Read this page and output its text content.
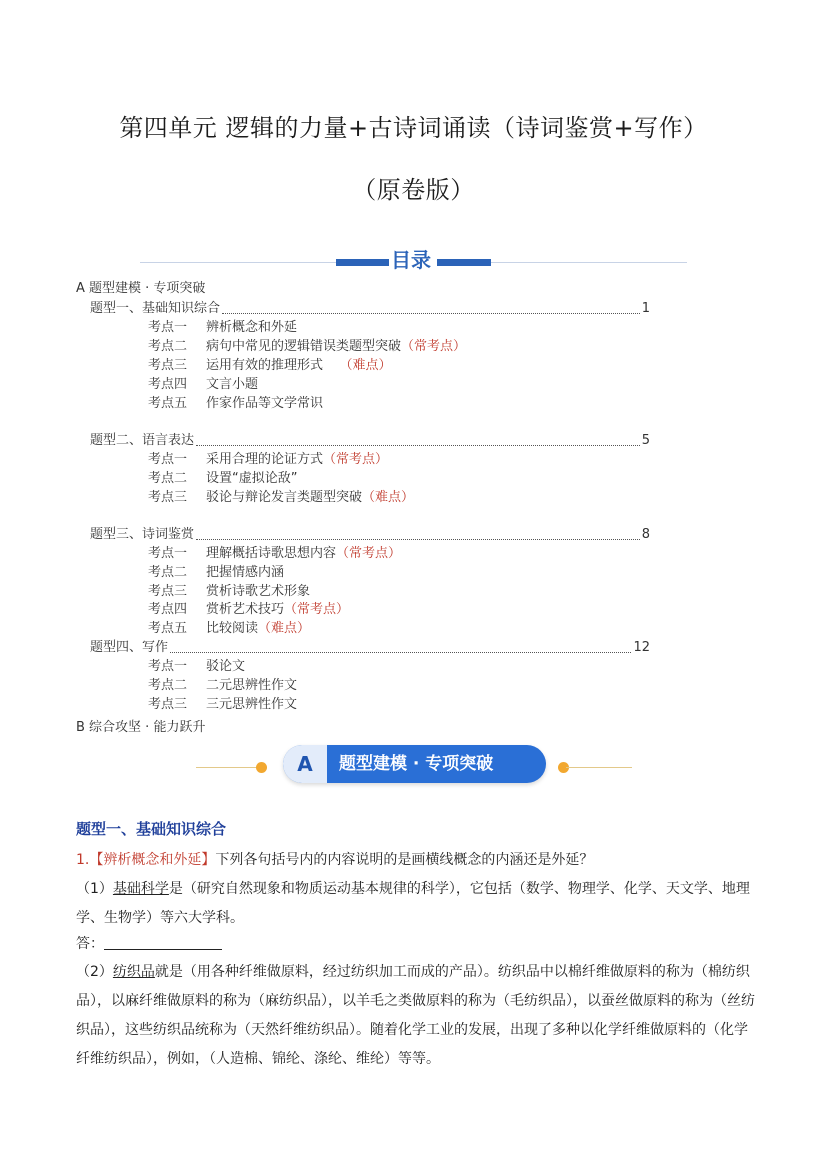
第四单元 逻辑的力量+古诗词诵读（诗词鉴赏+写作）
（原卷版）
目录
A 题型建模 · 专项突破
题型一、基础知识综合	1
考点一 辨析概念和外延
考点二 病句中常见的逻辑错误类题型突破（常考点）
考点三 运用有效的推理形式    （难点）
考点四 文言小题
考点五 作家作品等文学常识
题型二、语言表达	5
考点一 采用合理的论证方式（常考点）
考点二 设置“虚拟论敌”
考点三 驳论与辩论发言类题型突破（难点）
题型三、诗词鉴赏	8
考点一 理解概括诗歌思想内容（常考点）
考点二 把握情感内涵
考点三 赏析诗歌艺术形象
考点四 赏析艺术技巧（常考点）
考点五 比较阅读（难点）
题型四、写作	12
考点一 驳论文
考点二 二元思辨性作文
考点三 三元思辨性作文
B 综合攻坚 · 能力跃升
A	题型建模 · 专项突破
题型一、基础知识综合
1.【辨析概念和外延】下列各句括号内的内容说明的是画横线概念的内涵还是外延？
（1）基础科学是（研究自然现象和物质运动基本规律的科学），它包括（数学、物理学、化学、天文学、地理学、生物学）等六大学科。
答：
（2）纺织品就是（用各种纤维做原料，经过纺织加工而成的产品）。纺织品中以棉纤维做原料的称为（棉纺织品），以麻纤维做原料的称为（麻纺织品），以羊毛之类做原料的称为（毛纺织品），以蚕丝做原料的称为（丝纺织品），这些纺织品统称为（天然纤维纺织品）。随着化学工业的发展，出现了多种以化学纤维做原料的（化学纤维纺织品），例如，（人造棉、锦纶、涤纶、维纶）等等。
